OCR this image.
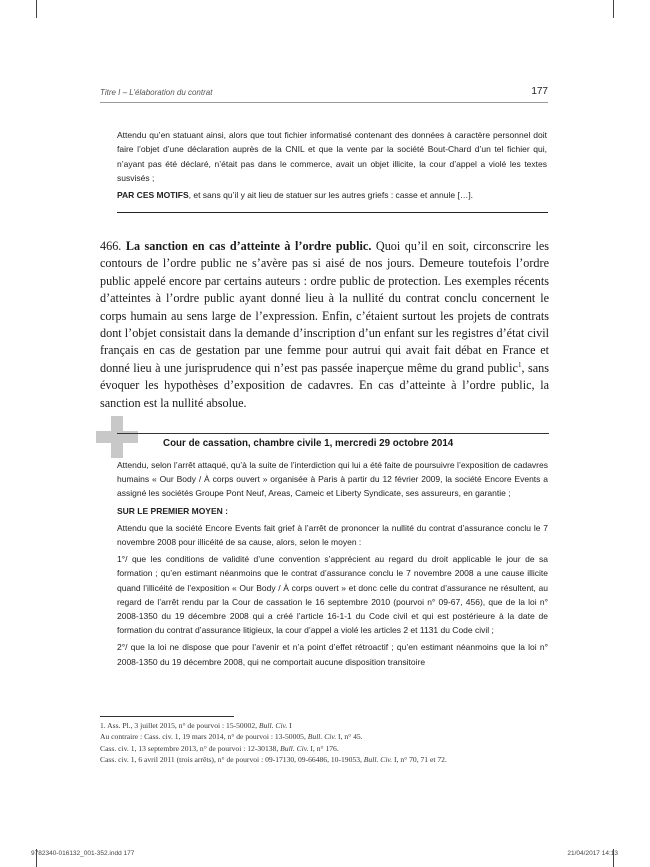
Titre I – L’élaboration du contrat	177

Attendu qu’en statuant ainsi, alors que tout fichier informatisé contenant des données à caractère personnel doit faire l’objet d’une déclaration auprès de la CNIL et que la vente par la société Bout-Chard d’un tel fichier qui, n’ayant pas été déclaré, n’était pas dans le commerce, avait un objet illicite, la cour d’appel a violé les textes susvisés ;

PAR CES MOTIFS, et sans qu’il y ait lieu de statuer sur les autres griefs : casse et annule […].

466. La sanction en cas d’atteinte à l’ordre public. Quoi qu’il en soit, circonscrire les contours de l’ordre public ne s’avère pas si aisé de nos jours. Demeure toutefois l’ordre public appelé encore par certains auteurs : ordre public de protection. Les exemples récents d’atteintes à l’ordre public ayant donné lieu à la nullité du contrat conclu concernent le corps humain au sens large de l’expression. Enfin, c’étaient surtout les projets de contrats dont l’objet consistait dans la demande d’inscription d’un enfant sur les registres d’état civil français en cas de gestation par une femme pour autrui qui avait fait débat en France et donné lieu à une jurisprudence qui n’est pas passée inaperçue même du grand public$^1$, sans évoquer les hypothèses d’exposition de cadavres. En cas d’atteinte à l’ordre public, la sanction est la nullité absolue.
Cour de cassation, chambre civile 1, mercredi 29 octobre 2014

Attendu, selon l’arrêt attaqué, qu’à la suite de l’interdiction qui lui a été faite de poursuivre l’exposition de cadavres humains « Our Body / À corps ouvert » organisée à Paris à partir du 12 février 2009, la société Encore Events a assigné les sociétés Groupe Pont Neuf, Areas, Cameic et Liberty Syndicate, ses assureurs, en garantie ;

SUR LE PREMIER MOYEN :

Attendu que la société Encore Events fait grief à l’arrêt de prononcer la nullité du contrat d’assurance conclu le 7 novembre 2008 pour illicéité de sa cause, alors, selon le moyen :

1°/ que les conditions de validité d’une convention s’apprécient au regard du droit applicable le jour de sa formation ; qu’en estimant néanmoins que le contrat d’assurance conclu le 7 novembre 2008 a une cause illicite quand l’illicéité de l’exposition « Our Body / À corps ouvert » et donc celle du contrat d’assurance ne résultent, au regard de l’arrêt rendu par la Cour de cassation le 16 septembre 2010 (pourvoi n° 09-67, 456), que de la loi n° 2008-1350 du 19 décembre 2008 qui a créé l’article 16-1-1 du Code civil et qui est postérieure à la date de formation du contrat d’assurance litigieux, la cour d’appel a violé les articles 2 et 1131 du Code civil ;

2°/ que la loi ne dispose que pour l’avenir et n’a point d’effet rétroactif ; qu’en estimant néanmoins que la loi n° 2008-1350 du 19 décembre 2008, qui ne comportait aucune disposition transitoire

1. Ass. Pl., 3 juillet 2015, n° de pourvoi : 15-50002, Bull. Civ. I
Au contraire : Cass. civ. 1, 19 mars 2014, n° de pourvoi : 13-50005, Bull. Civ. I, n° 45.
Cass. civ. 1, 13 septembre 2013, n° de pourvoi : 12-30138, Bull. Civ. I, n° 176.
Cass. civ. 1, 6 avril 2011 (trois arrêts), n° de pourvoi : 09-17130, 09-66486, 10-19053, Bull. Civ. I, n° 70, 71 et 72.
9782340-016132_001-352.indd 177	21/04/2017 14:13
